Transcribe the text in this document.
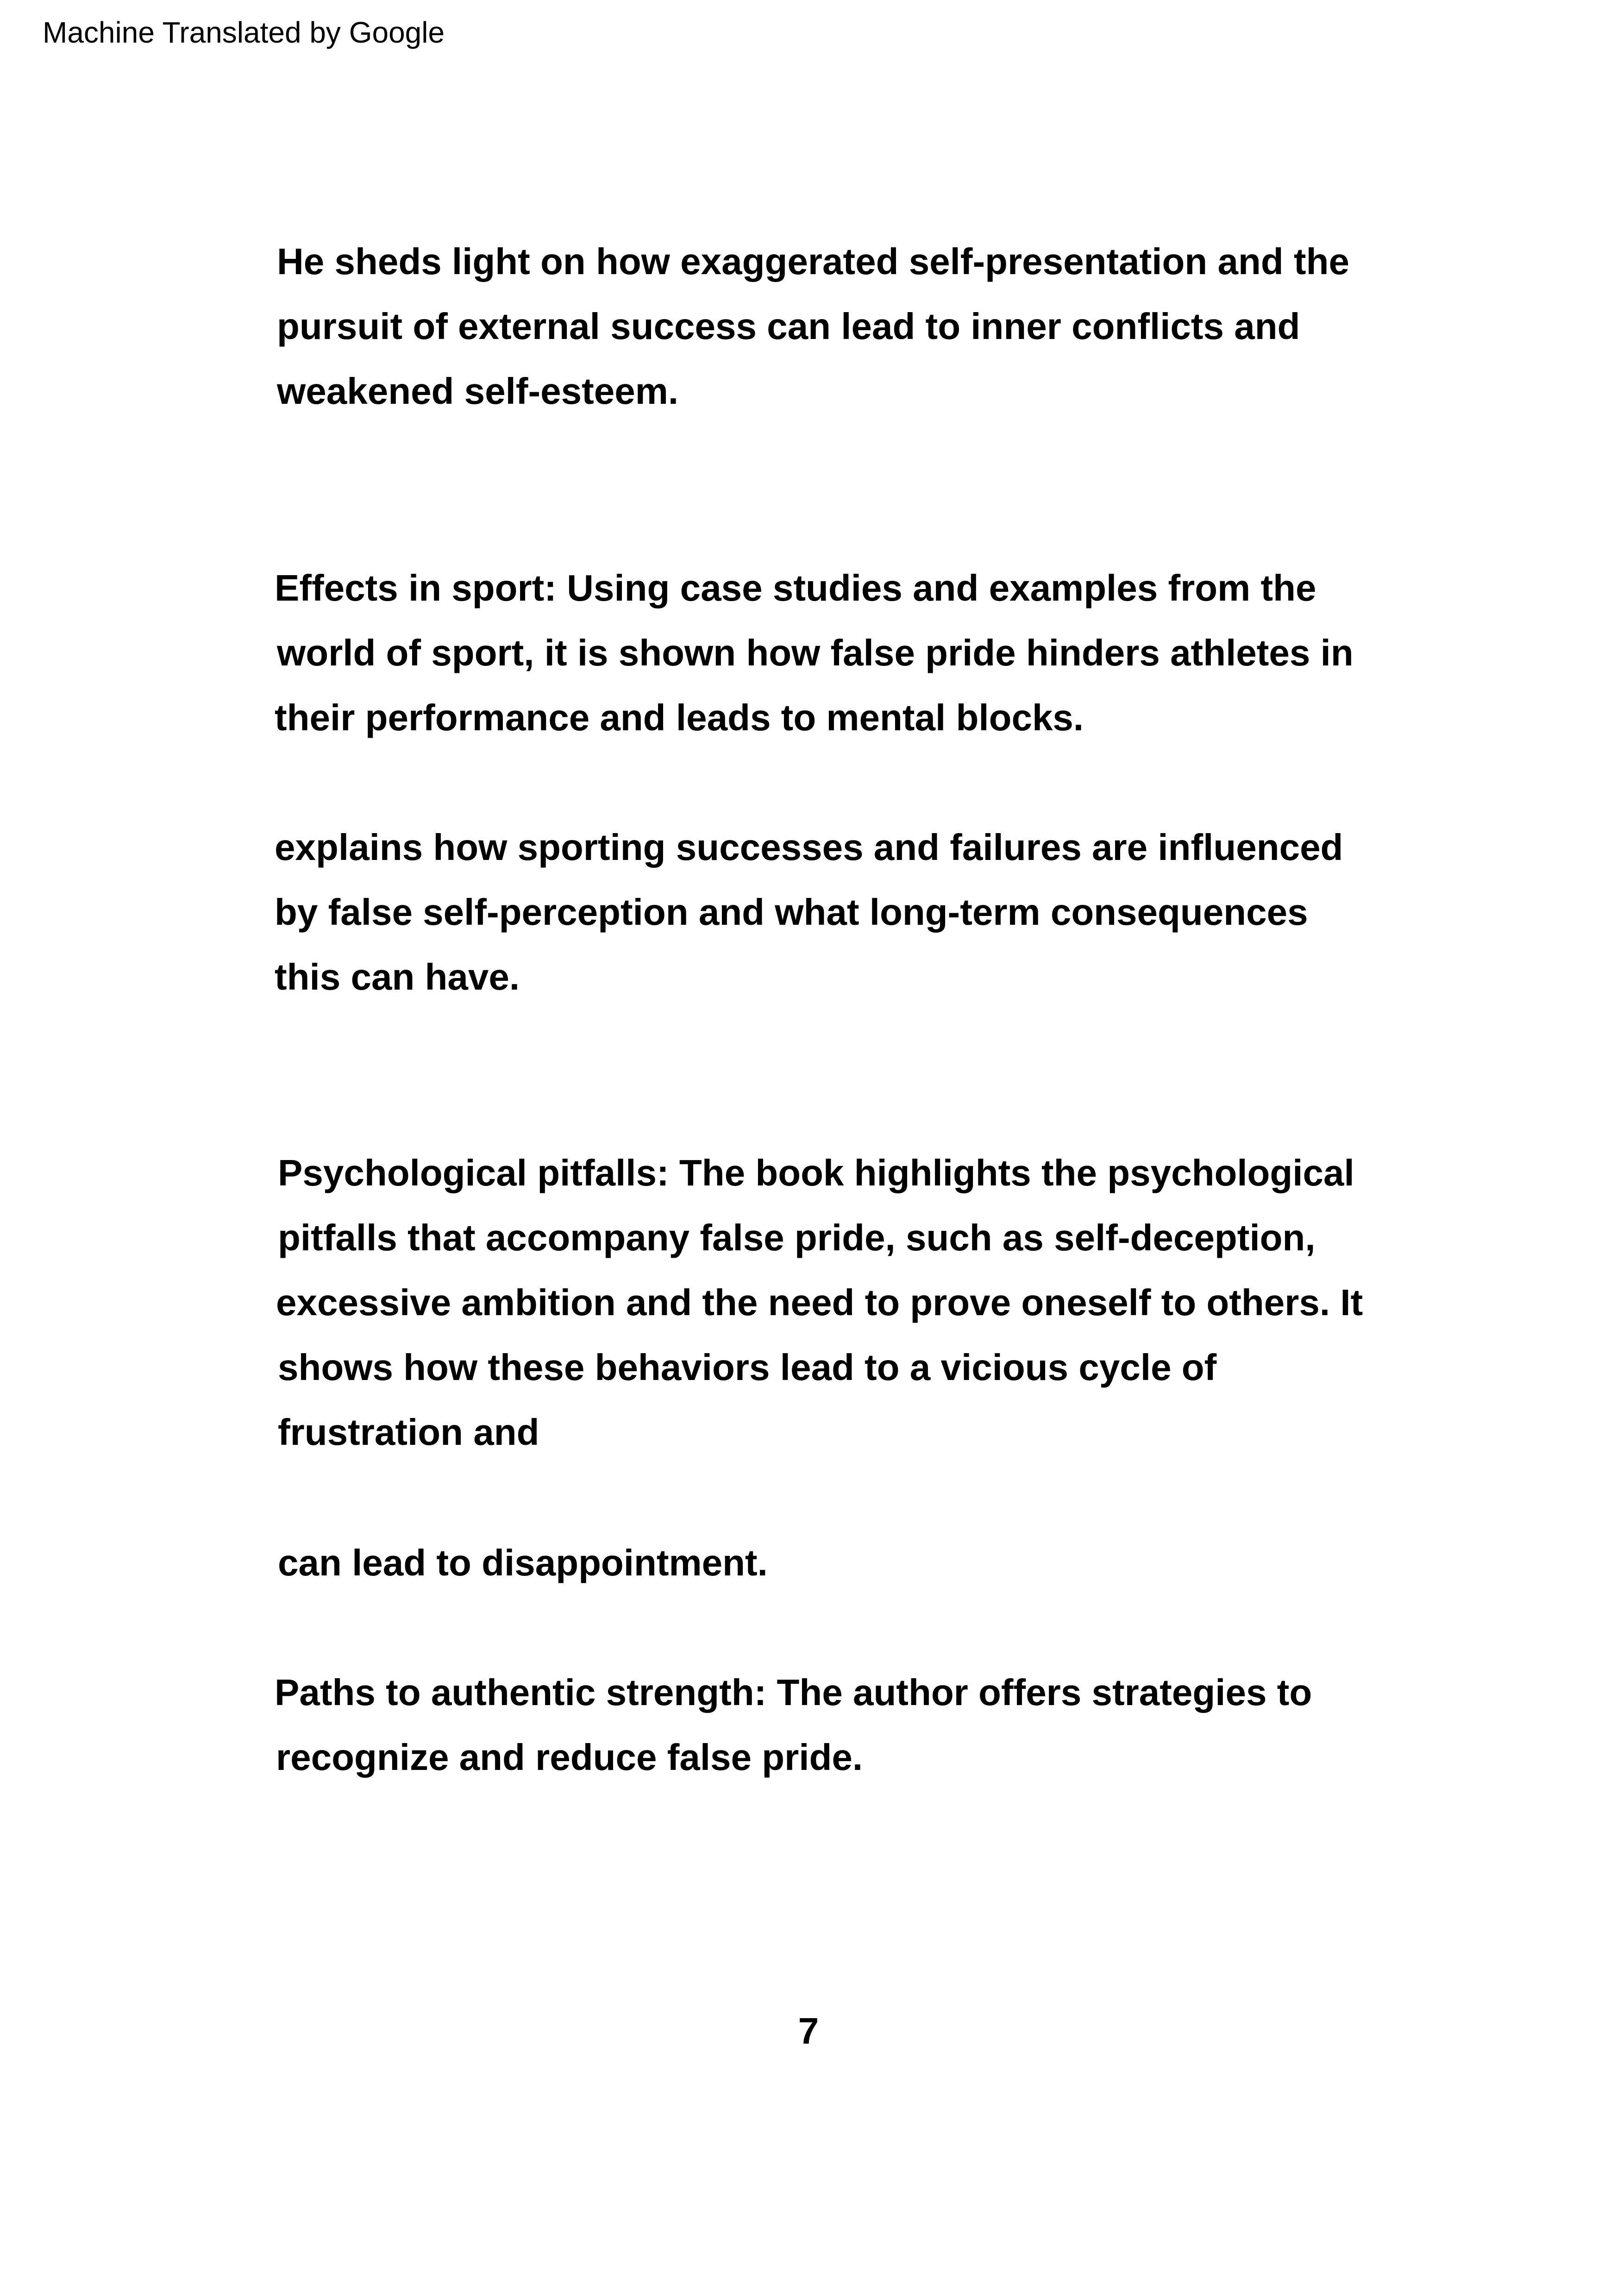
Machine Translated by Google
He sheds light on how exaggerated self-presentation and the
pursuit of external success can lead to inner conflicts and
weakened self-esteem.
Effects in sport: Using case studies and examples from the
world of sport, it is shown how false pride hinders athletes in
their performance and leads to mental blocks.
explains how sporting successes and failures are influenced
by false self-perception and what long-term consequences
this can have.
Psychological pitfalls: The book highlights the psychological
pitfalls that accompany false pride, such as self-deception,
excessive ambition and the need to prove oneself to others. It
shows how these behaviors lead to a vicious cycle of
frustration and
can lead to disappointment.
Paths to authentic strength: The author offers strategies to
recognize and reduce false pride.
7
